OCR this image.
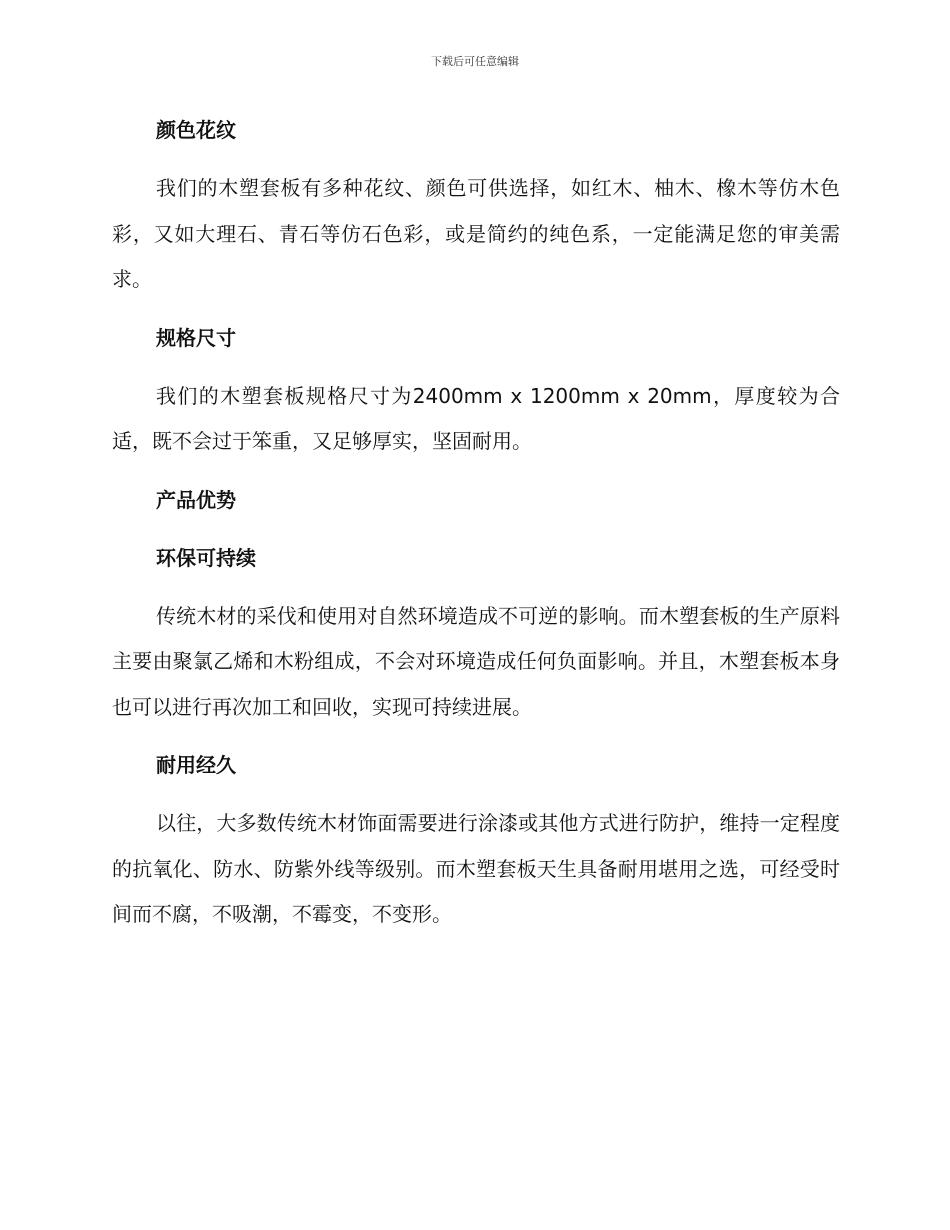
下载后可任意编辑
颜色花纹

我们的木塑套板有多种花纹、颜色可供选择，如红木、柚木、橡木等仿木色彩，又如大理石、青石等仿石色彩，或是简约的纯色系，一定能满足您的审美需求。

规格尺寸

我们的木塑套板规格尺寸为2400mm x 1200mm x 20mm，厚度较为合适，既不会过于笨重，又足够厚实，坚固耐用。

产品优势
环保可持续

传统木材的采伐和使用对自然环境造成不可逆的影响。而木塑套板的生产原料主要由聚氯乙烯和木粉组成，不会对环境造成任何负面影响。并且，木塑套板本身也可以进行再次加工和回收，实现可持续进展。

耐用经久

以往，大多数传统木材饰面需要进行涂漆或其他方式进行防护，维持一定程度的抗氧化、防水、防紫外线等级别。而木塑套板天生具备耐用堪用之选，可经受时间而不腐，不吸潮，不霉变，不变形。
